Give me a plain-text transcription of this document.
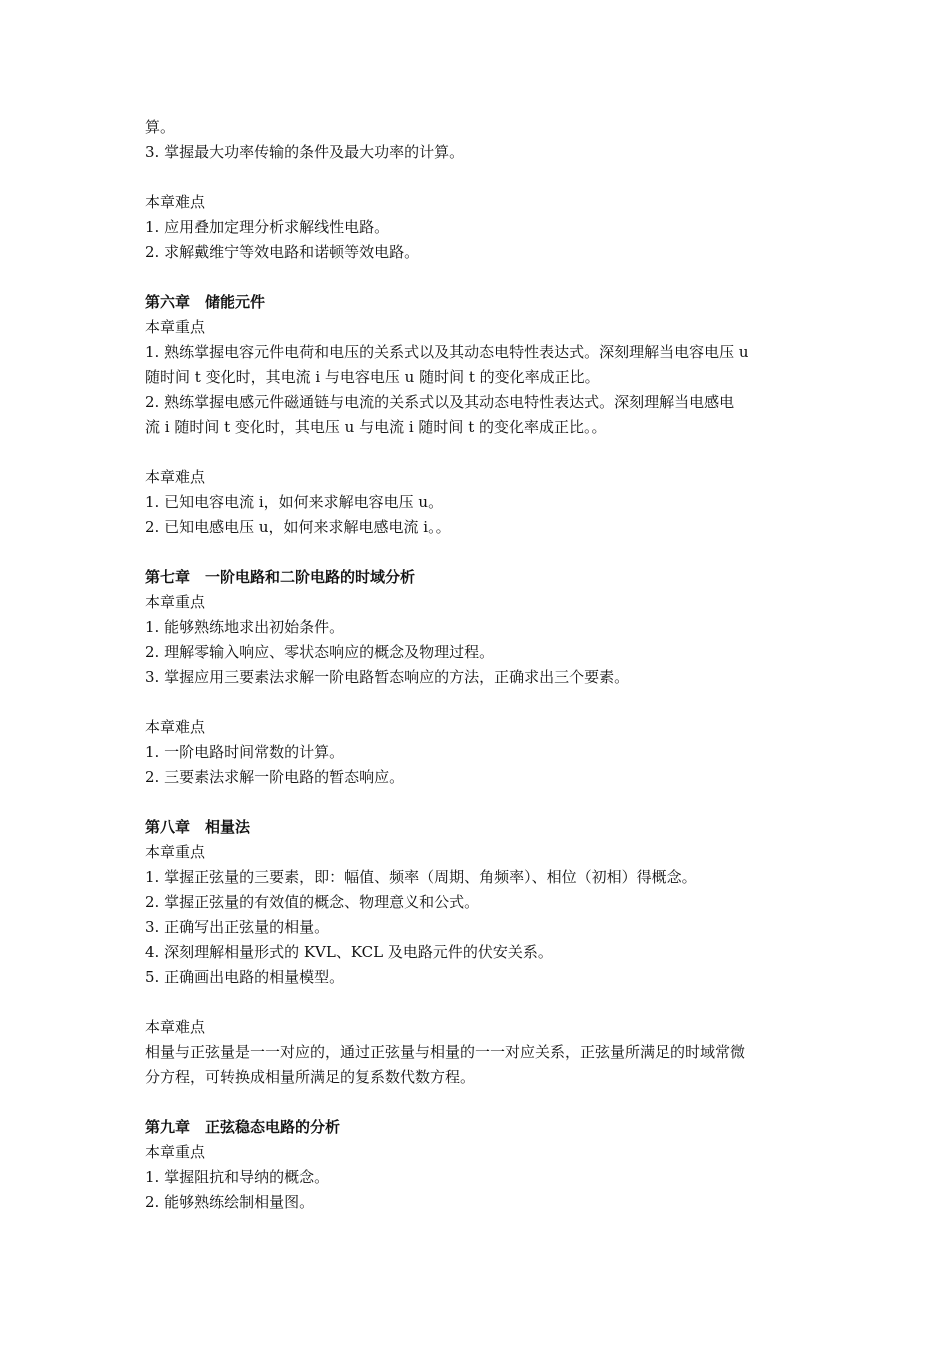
算。
3. 掌握最大功率传输的条件及最大功率的计算。
本章难点
1. 应用叠加定理分析求解线性电路。
2. 求解戴维宁等效电路和诺顿等效电路。
第六章　储能元件
本章重点
1. 熟练掌握电容元件电荷和电压的关系式以及其动态电特性表达式。深刻理解当电容电压 u
随时间 t 变化时，其电流 i 与电容电压 u 随时间 t 的变化率成正比。
2. 熟练掌握电感元件磁通链与电流的关系式以及其动态电特性表达式。深刻理解当电感电
流 i 随时间 t 变化时，其电压 u 与电流 i 随时间 t 的变化率成正比。。
本章难点
1. 已知电容电流 i，如何来求解电容电压 u。
2. 已知电感电压 u，如何来求解电感电流 i。。
第七章　一阶电路和二阶电路的时域分析
本章重点
1. 能够熟练地求出初始条件。
2. 理解零输入响应、零状态响应的概念及物理过程。
3. 掌握应用三要素法求解一阶电路暂态响应的方法，正确求出三个要素。
本章难点
1. 一阶电路时间常数的计算。
2. 三要素法求解一阶电路的暂态响应。
第八章　相量法
本章重点
1. 掌握正弦量的三要素，即：幅值、频率（周期、角频率）、相位（初相）得概念。
2. 掌握正弦量的有效值的概念、物理意义和公式。
3. 正确写出正弦量的相量。
4. 深刻理解相量形式的 KVL、KCL 及电路元件的伏安关系。
5. 正确画出电路的相量模型。
本章难点
相量与正弦量是一一对应的，通过正弦量与相量的一一对应关系，正弦量所满足的时域常微
分方程，可转换成相量所满足的复系数代数方程。
第九章　正弦稳态电路的分析
本章重点
1. 掌握阻抗和导纳的概念。
2. 能够熟练绘制相量图。
